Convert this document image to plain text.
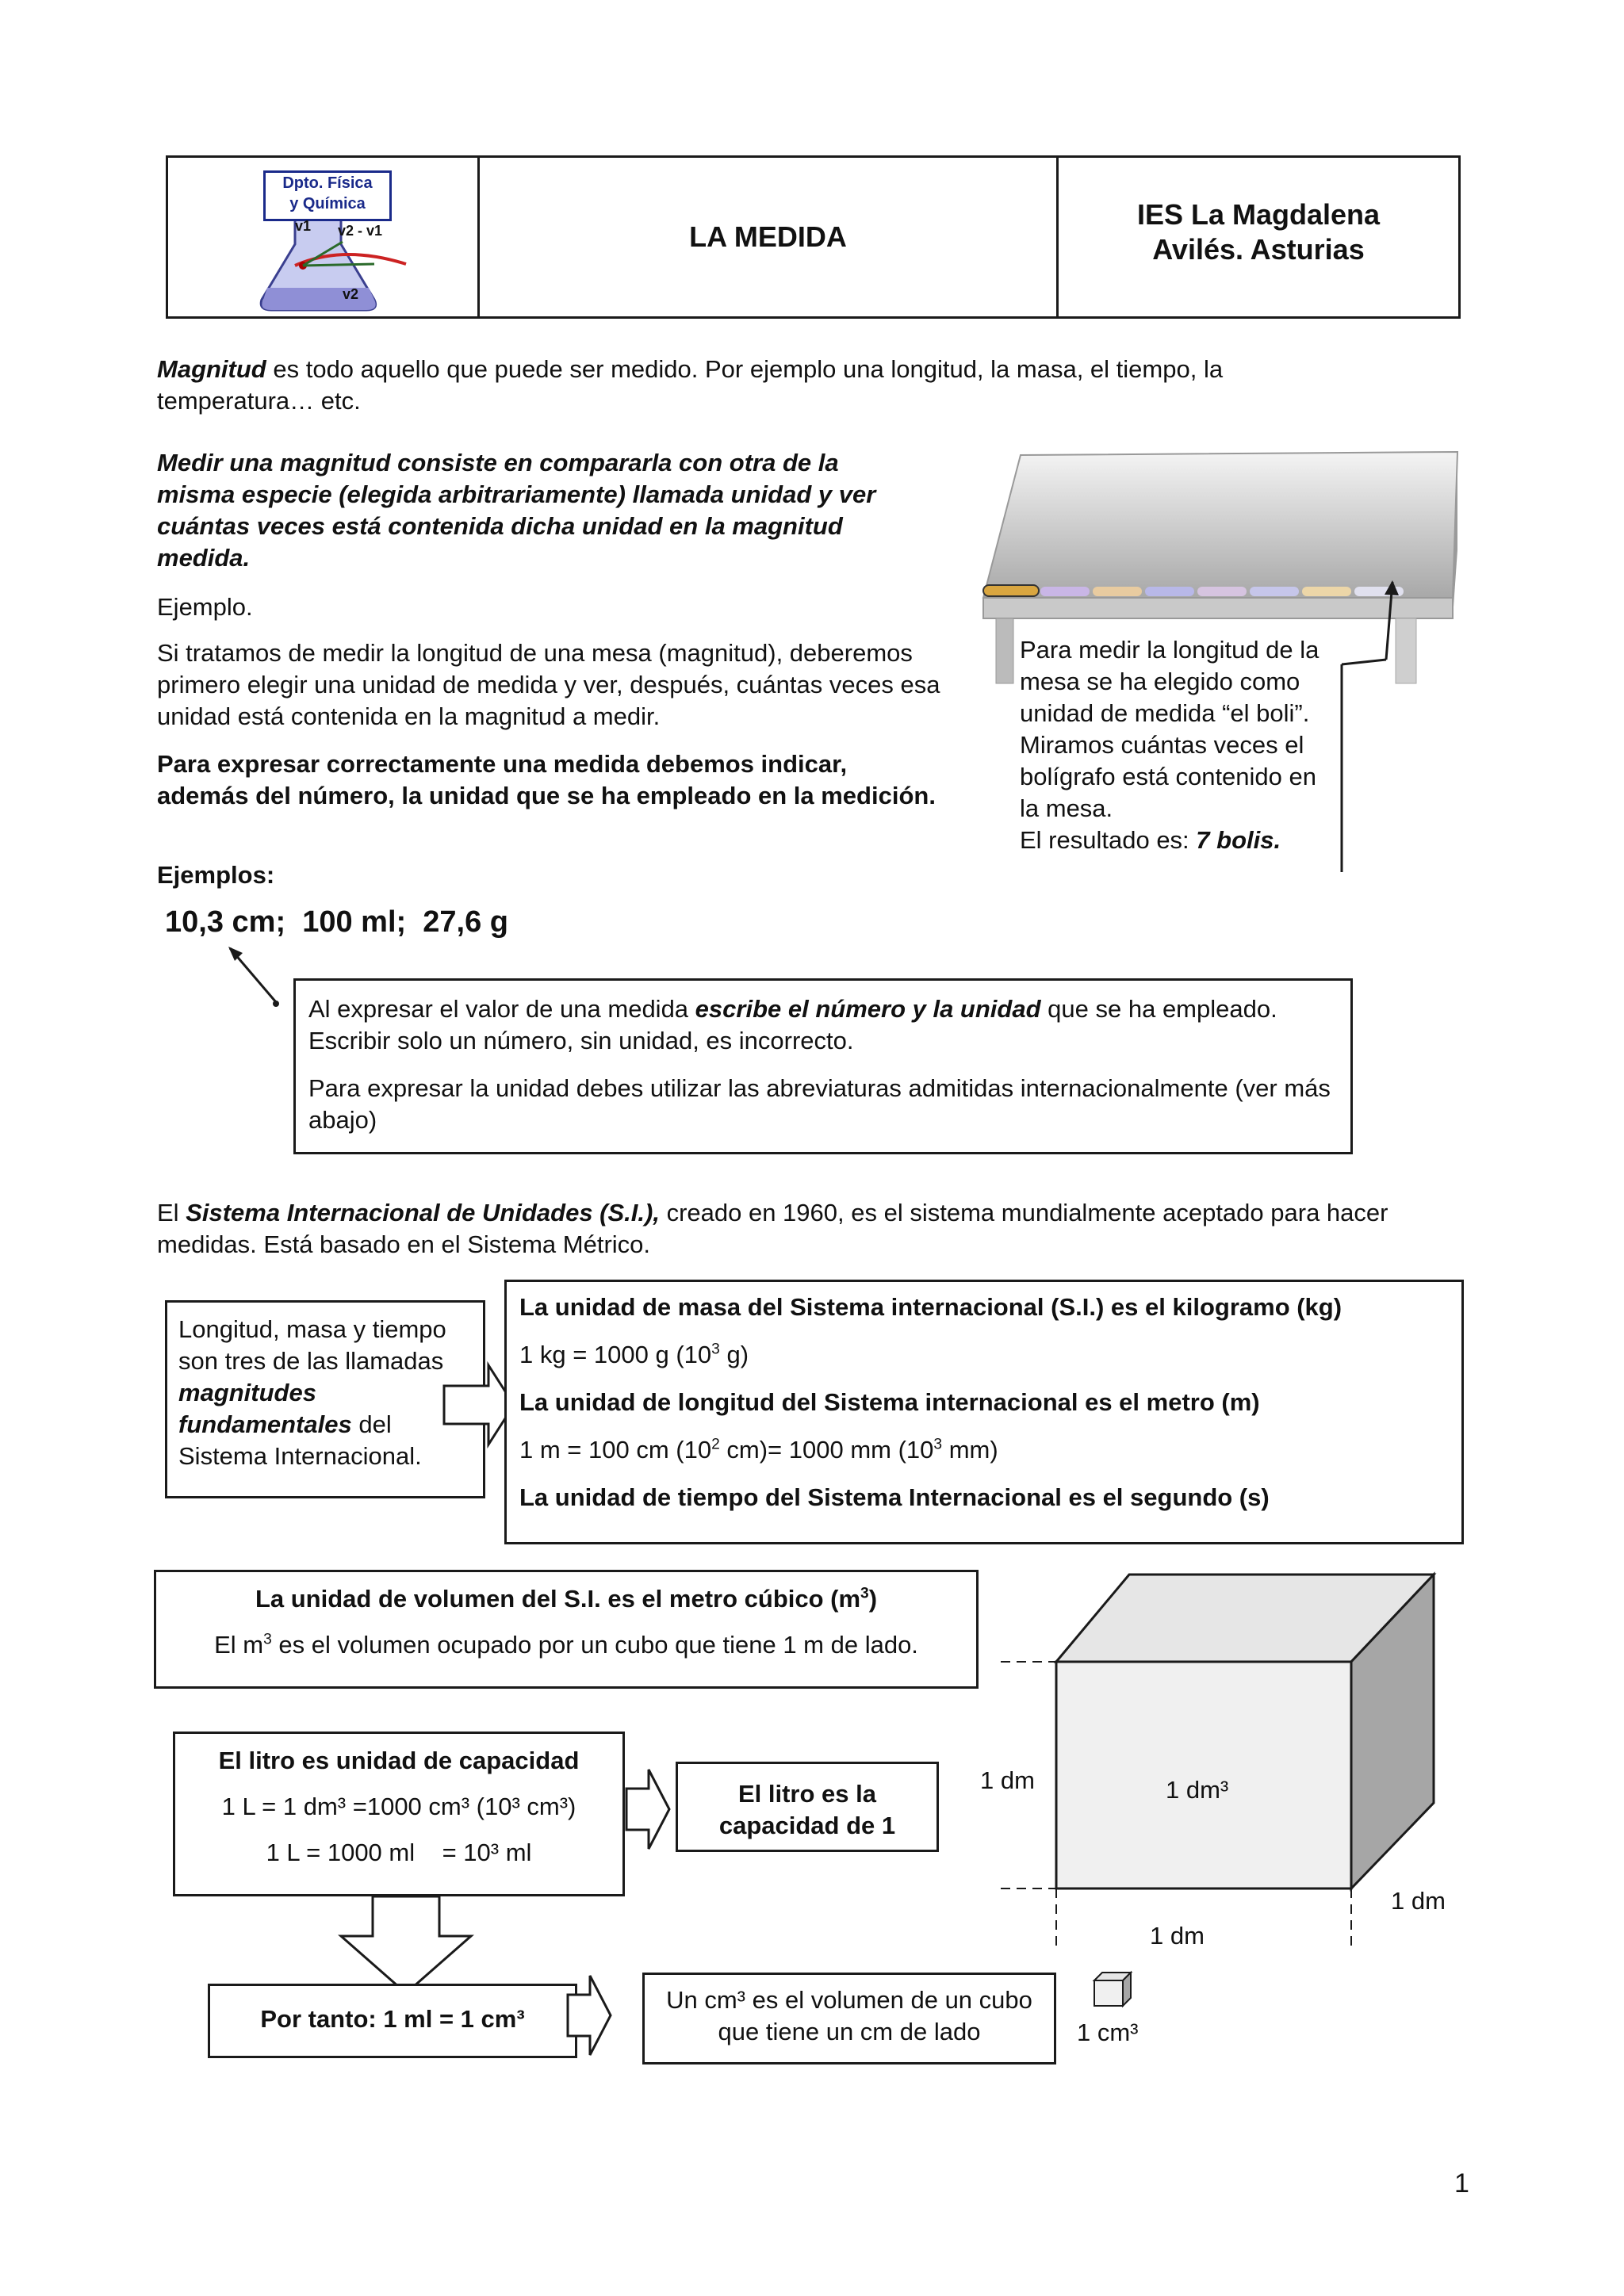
Dpto. Física
y Química
v1 v2 - v1
v2
LA MEDIDA
IES La Magdalena
Avilés. Asturias

Magnitud es todo aquello que puede ser medido. Por ejemplo una longitud, la masa, el tiempo, la temperatura… etc.

Medir una magnitud consiste en compararla con otra de la misma especie (elegida arbitrariamente) llamada unidad y ver cuántas veces está contenida dicha unidad en la magnitud medida.

Ejemplo.

Si tratamos de medir la longitud de una mesa (magnitud), deberemos primero elegir una unidad de medida y ver, después, cuántas veces esa unidad está contenida en la magnitud a medir.

Para expresar correctamente una medida debemos indicar, además del número, la unidad que se ha empleado en la medición.

Ejemplos:

10,3 cm;  100 ml;  27,6 g

Para medir la longitud de la mesa se ha elegido como unidad de medida “el boli”. Miramos cuántas veces el bolígrafo está contenido en la mesa.

El resultado es: 7 bolis.

Al expresar el valor de una medida escribe el número y la unidad que se ha empleado. Escribir solo un número, sin unidad, es incorrecto.

Para expresar la unidad debes utilizar las abreviaturas admitidas internacionalmente (ver más abajo)

El Sistema Internacional de Unidades (S.I.), creado en 1960, es el sistema mundialmente aceptado para hacer medidas. Está basado en el Sistema Métrico.

Longitud, masa y tiempo son tres de las llamadas magnitudes fundamentales del Sistema Internacional.

La unidad de masa del Sistema internacional (S.I.) es el kilogramo (kg)

1 kg = 1000 g ($10^3$ g)

La unidad de longitud del Sistema internacional es el metro (m)

1 m = 100 cm ($10^2$ cm)= 1000 mm ($10^3$ mm)

La unidad de tiempo del Sistema Internacional es el segundo (s)

La unidad de volumen del S.I. es el metro cúbico $(m^3)$

El $m^3$ es el volumen ocupado por un cubo que tiene 1 m de lado.

El litro es unidad de capacidad

1 L = 1 dm³ =1000 cm³ (10³ cm³)

1 L = 1000 ml    = 10³ ml

El litro es la capacidad de 1

Por tanto: 1 ml = 1 cm³

Un cm³ es el volumen de un cubo que tiene un cm de lado

1 dm	1 dm³
1 dm
1 dm
1 cm³
1
